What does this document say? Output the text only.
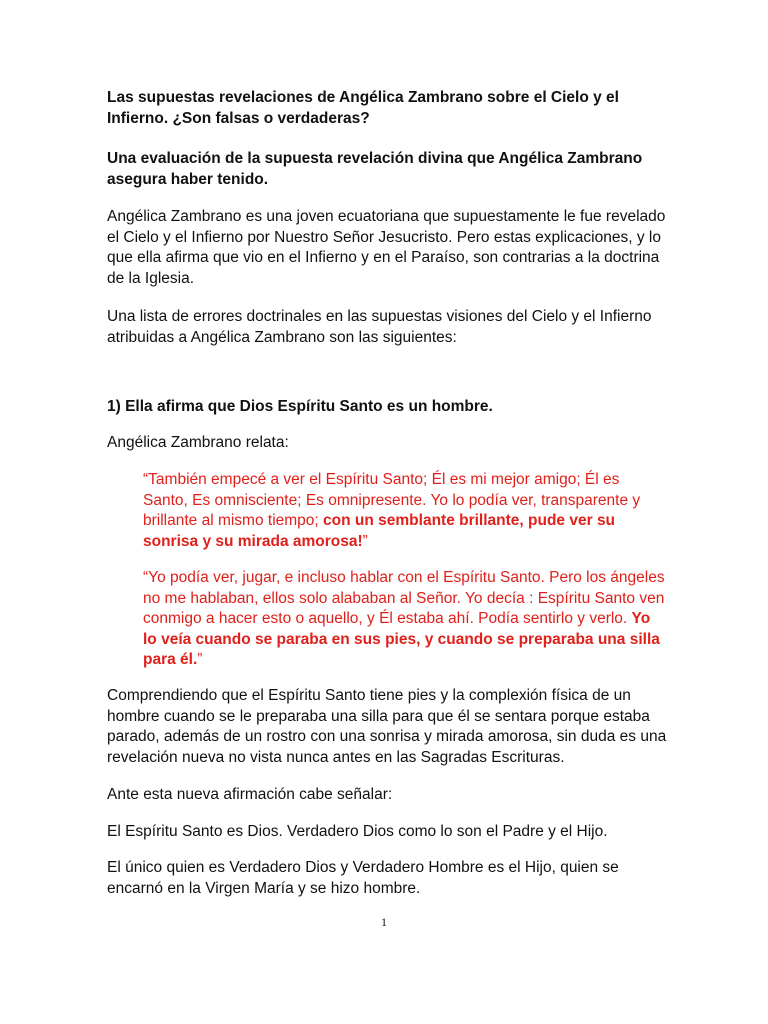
Las supuestas revelaciones de Angélica Zambrano sobre el Cielo y el Infierno. ¿Son falsas o verdaderas?

Una evaluación de la supuesta revelación divina que Angélica Zambrano asegura haber tenido.

Angélica Zambrano es una joven ecuatoriana que supuestamente le fue revelado el Cielo y el Infierno por Nuestro Señor Jesucristo. Pero estas explicaciones, y lo que ella afirma que vio en el Infierno y en el Paraíso, son contrarias a la doctrina de la Iglesia.

Una lista de errores doctrinales en las supuestas visiones del Cielo y el Infierno atribuidas a Angélica Zambrano son las siguientes:

1) Ella afirma que Dios Espíritu Santo es un hombre.

Angélica Zambrano relata:

“También empecé a ver el Espíritu Santo; Él es mi mejor amigo; Él es Santo, Es omnisciente; Es omnipresente. Yo lo podía ver, transparente y brillante al mismo tiempo; con un semblante brillante, pude ver su sonrisa y su mirada amorosa!”

“Yo podía ver, jugar, e incluso hablar con el Espíritu Santo. Pero los ángeles no me hablaban, ellos solo alababan al Señor. Yo decía : Espíritu Santo ven conmigo a hacer esto o aquello, y Él estaba ahí. Podía sentirlo y verlo. Yo lo veía cuando se paraba en sus pies, y cuando se preparaba una silla para él.”

Comprendiendo que el Espíritu Santo tiene pies y la complexión física de un hombre cuando se le preparaba una silla para que él se sentara porque estaba parado, además de un rostro con una sonrisa y mirada amorosa, sin duda es una revelación nueva no vista nunca antes en las Sagradas Escrituras.

Ante esta nueva afirmación cabe señalar:

El Espíritu Santo es Dios. Verdadero Dios como lo son el Padre y el Hijo.

El único quien es Verdadero Dios y Verdadero Hombre es el Hijo, quien se encarnó en la Virgen María y se hizo hombre.

1
